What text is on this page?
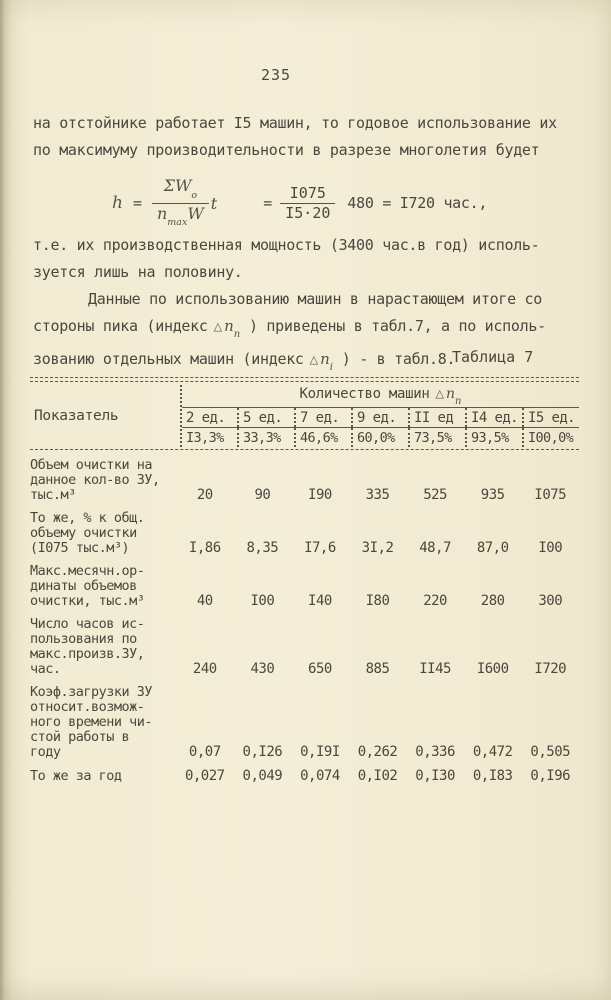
235
на отстойнике работает I5 машин, то годовое использование их
по максимуму производительности в разрезе многолетия будет
$h = \frac{\Sigma W_o}{n_{max}W}$ t	= $\frac{I075}{I5\cdot 20} 480 = I720$ час.,
т.е. их производственная мощность (3400 час.в год) исполь-
зуется лишь на половину.
Данные по использованию машин в нарастающем итоге со
стороны пика (индекс △ $n_п$ ) приведены в табл.7, а по исполь-
зованию отдельных машин (индекс △ $n_i$ ) - в табл.8.
Таблица 7
Показатель
Количество машин △ $n_п$
2 ед.	5 ед.	7 ед.	9 ед.	II ед	I4 ед. I5 ед.
I3,3%	33,3%	46,6%	60,0%	73,5%	93,5%	I00,0%
Объем очистки на
данное кол-во ЗУ,
тыс.м³	20	90	I90	335	525	935	I075
То же, % к общ.
объему очистки
(I075 тыс.м³)	I,86	8,35	I7,6	3I,2	48,7	87,0	I00
Макс.месячн.ор-
динаты объемов
очистки, тыс.м³	40	I00	I40	I80	220	280	300
Число часов ис-
пользования по
макс.произв.ЗУ,
час.	240	430	650	885	II45	I600	I720
Коэф.загрузки ЗУ
относит.возмож-
ного времени чи-
стой работы в
году	0,07	0,I26	0,I9I	0,262	0,336	0,472	0,505
То же за год	0,027	0,049	0,074	0,I02	0,I30	0,I83	0,I96
